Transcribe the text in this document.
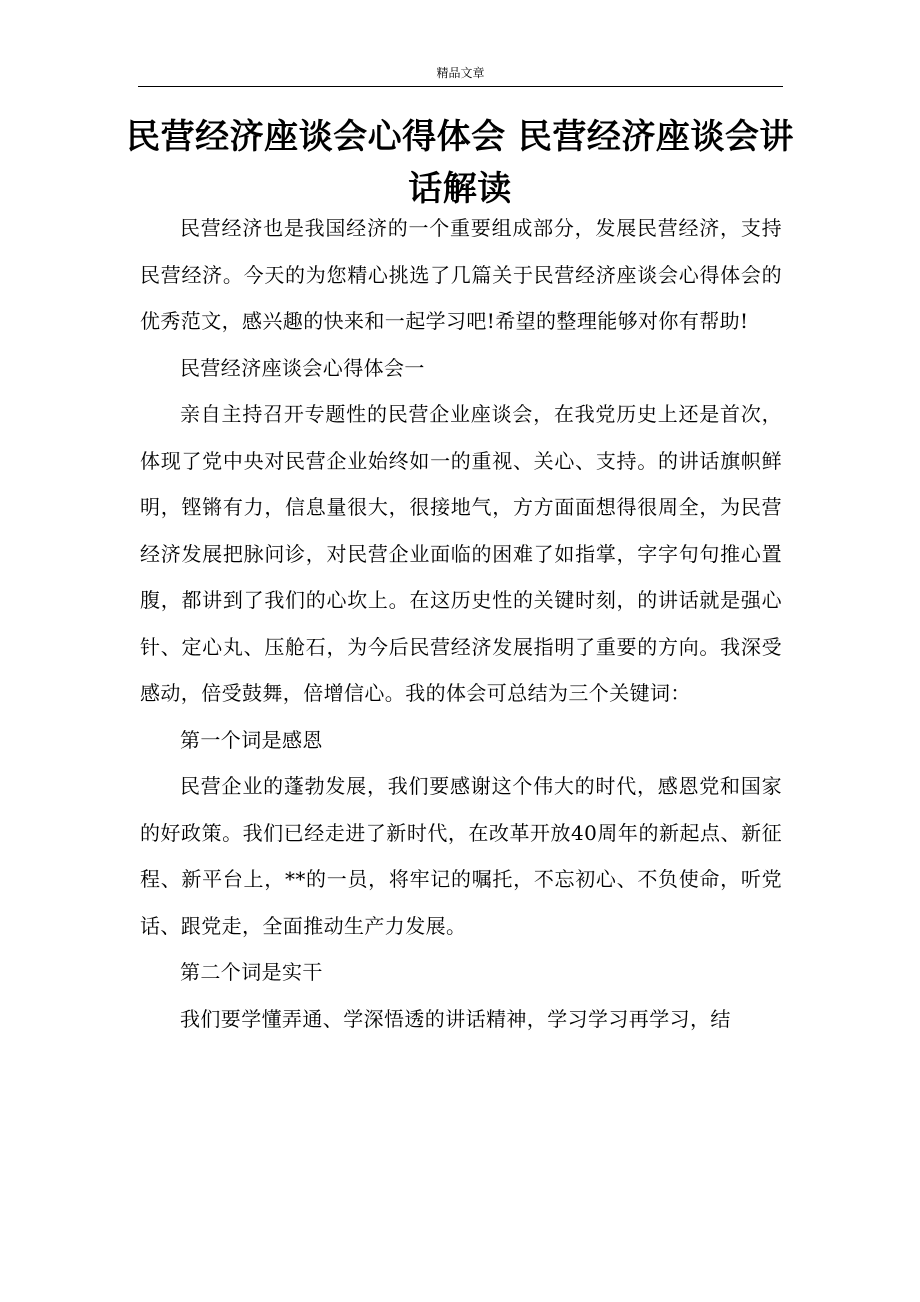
精品文章
民营经济座谈会心得体会 民营经济座谈会讲话解读

民营经济也是我国经济的一个重要组成部分，发展民营经济，支持民营经济。今天的为您精心挑选了几篇关于民营经济座谈会心得体会的优秀范文，感兴趣的快来和一起学习吧!希望的整理能够对你有帮助!

民营经济座谈会心得体会一

亲自主持召开专题性的民营企业座谈会，在我党历史上还是首次，体现了党中央对民营企业始终如一的重视、关心、支持。的讲话旗帜鲜明，铿锵有力，信息量很大，很接地气，方方面面想得很周全，为民营经济发展把脉问诊，对民营企业面临的困难了如指掌，字字句句推心置腹，都讲到了我们的心坎上。在这历史性的关键时刻，的讲话就是强心针、定心丸、压舱石，为今后民营经济发展指明了重要的方向。我深受感动，倍受鼓舞，倍增信心。我的体会可总结为三个关键词：

第一个词是感恩

民营企业的蓬勃发展，我们要感谢这个伟大的时代，感恩党和国家的好政策。我们已经走进了新时代，在改革开放40周年的新起点、新征程、新平台上，**的一员，将牢记的嘱托，不忘初心、不负使命，听党话、跟党走，全面推动生产力发展。

第二个词是实干

我们要学懂弄通、学深悟透的讲话精神，学习学习再学习，结
